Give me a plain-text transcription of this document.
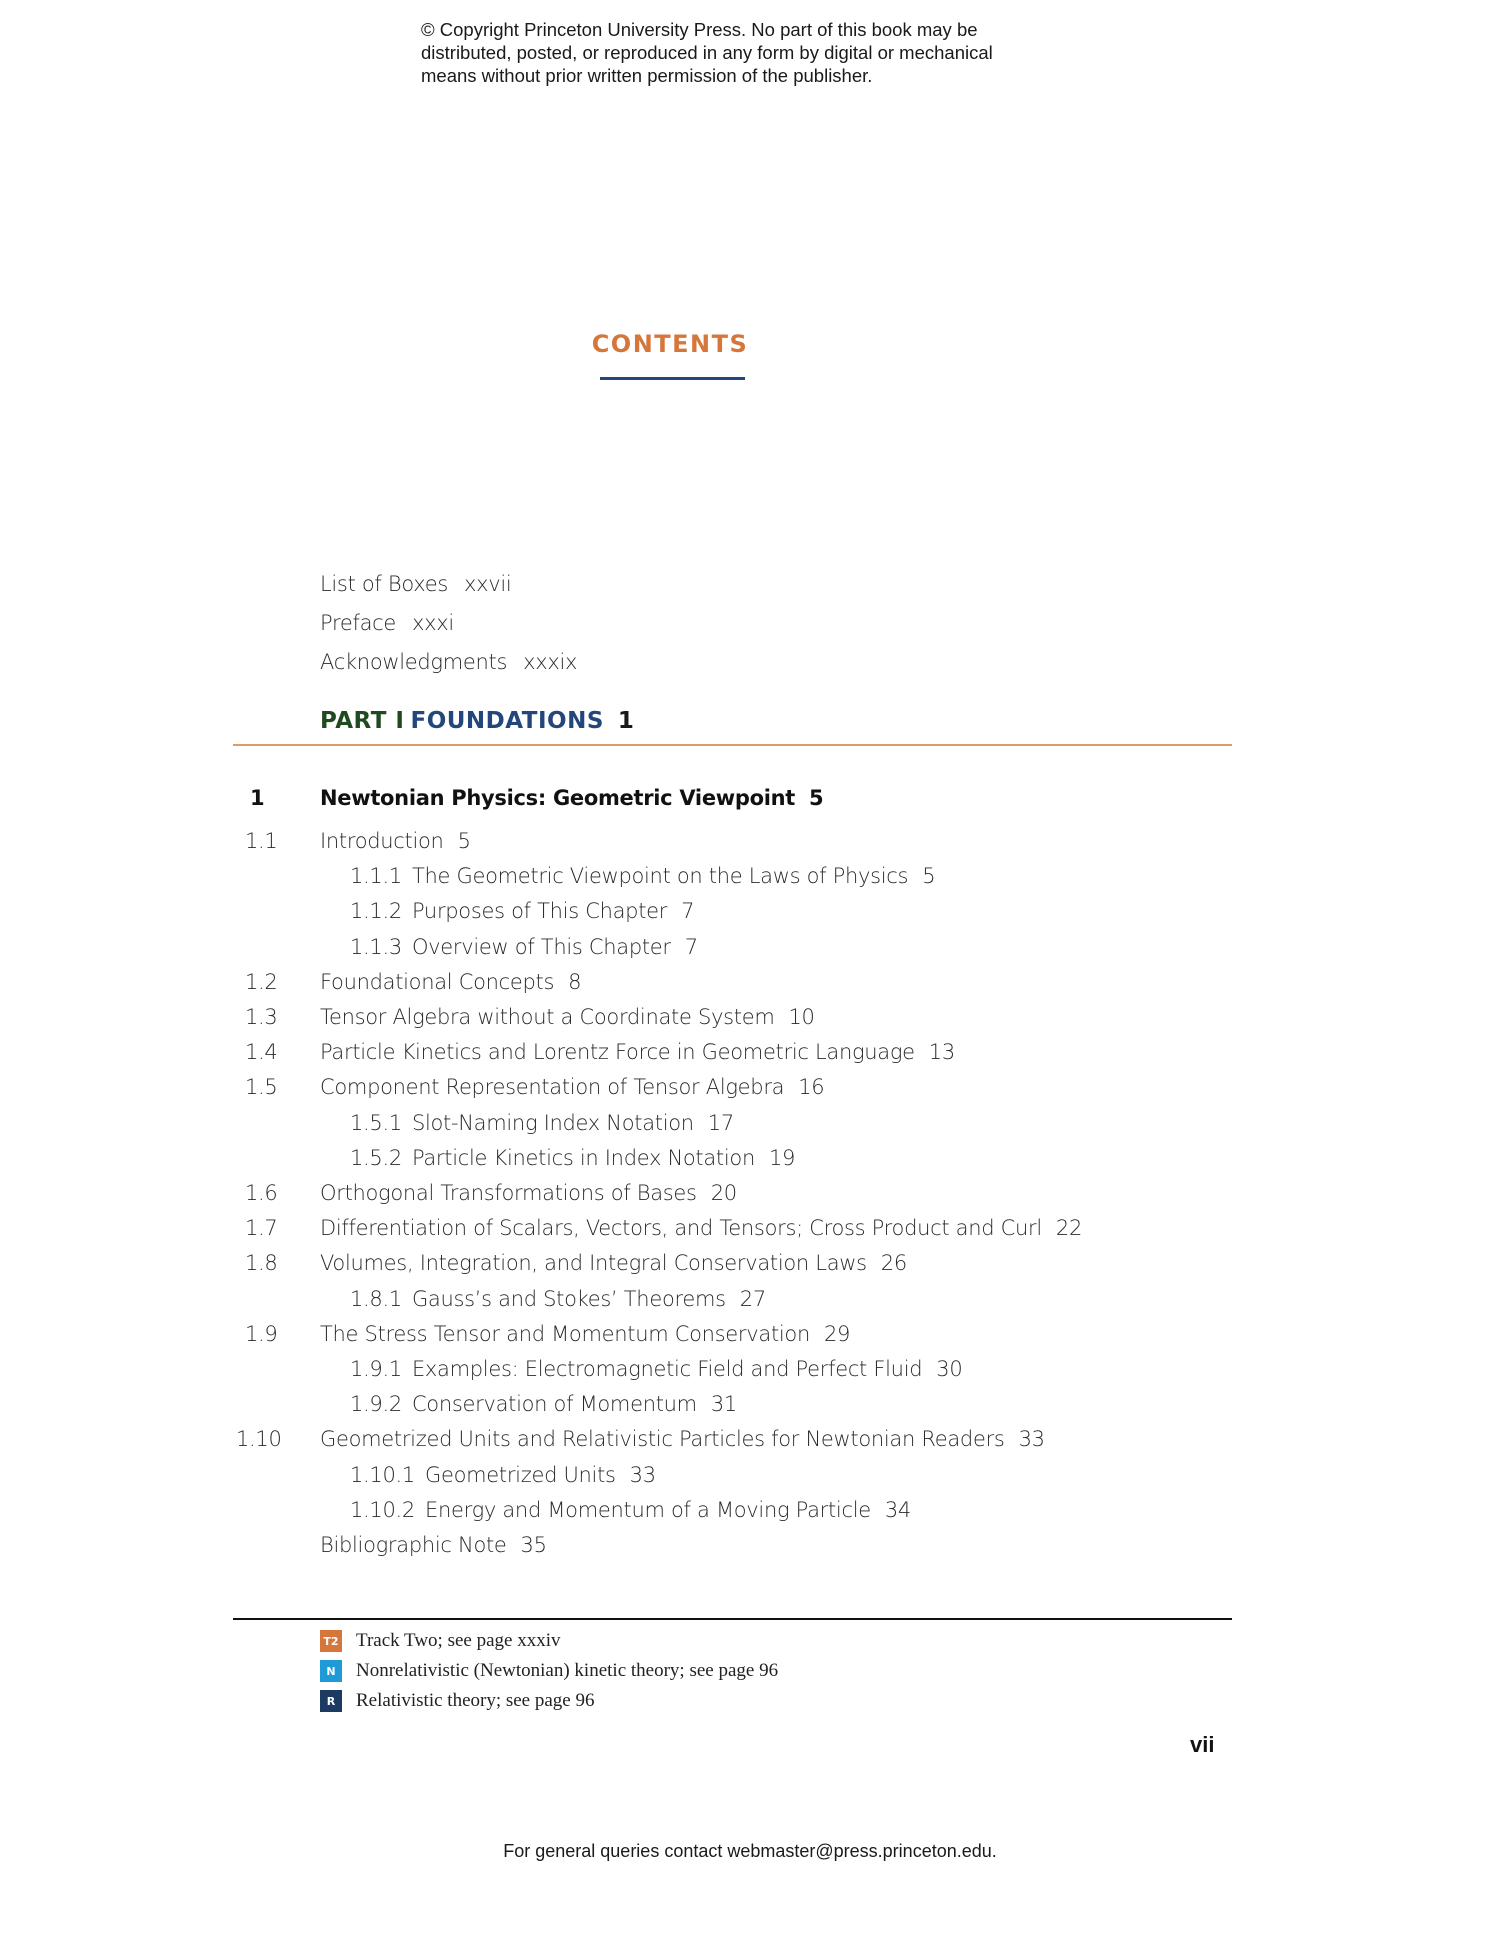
© Copyright Princeton University Press. No part of this book may be
distributed, posted, or reproduced in any form by digital or mechanical
means without prior written permission of the publisher.
CONTENTS
List of Boxes xxvii
Preface xxxi
Acknowledgments xxxix
PART I FOUNDATIONS 1
1	Newtonian Physics: Geometric Viewpoint 5
1.1 Introduction 5
1.1.1 The Geometric Viewpoint on the Laws of Physics 5
1.1.2 Purposes of This Chapter 7
1.1.3 Overview of This Chapter 7
1.2 Foundational Concepts 8
1.3 Tensor Algebra without a Coordinate System 10
1.4 Particle Kinetics and Lorentz Force in Geometric Language 13
1.5 Component Representation of Tensor Algebra 16
1.5.1 Slot-Naming Index Notation 17
1.5.2 Particle Kinetics in Index Notation 19
1.6 Orthogonal Transformations of Bases 20
1.7 Differentiation of Scalars, Vectors, and Tensors; Cross Product and Curl 22
1.8 Volumes, Integration, and Integral Conservation Laws 26
1.8.1 Gauss’s and Stokes’ Theorems 27
1.9 The Stress Tensor and Momentum Conservation 29
1.9.1 Examples: Electromagnetic Field and Perfect Fluid 30
1.9.2 Conservation of Momentum 31
1.10 Geometrized Units and Relativistic Particles for Newtonian Readers 33
1.10.1 Geometrized Units 33
1.10.2 Energy and Momentum of a Moving Particle 34
Bibliographic Note 35
T2 Track Two; see page xxxiv
N	Nonrelativistic (Newtonian) kinetic theory; see page 96
R	Relativistic theory; see page 96
vii
For general queries contact webmaster@press.princeton.edu.
